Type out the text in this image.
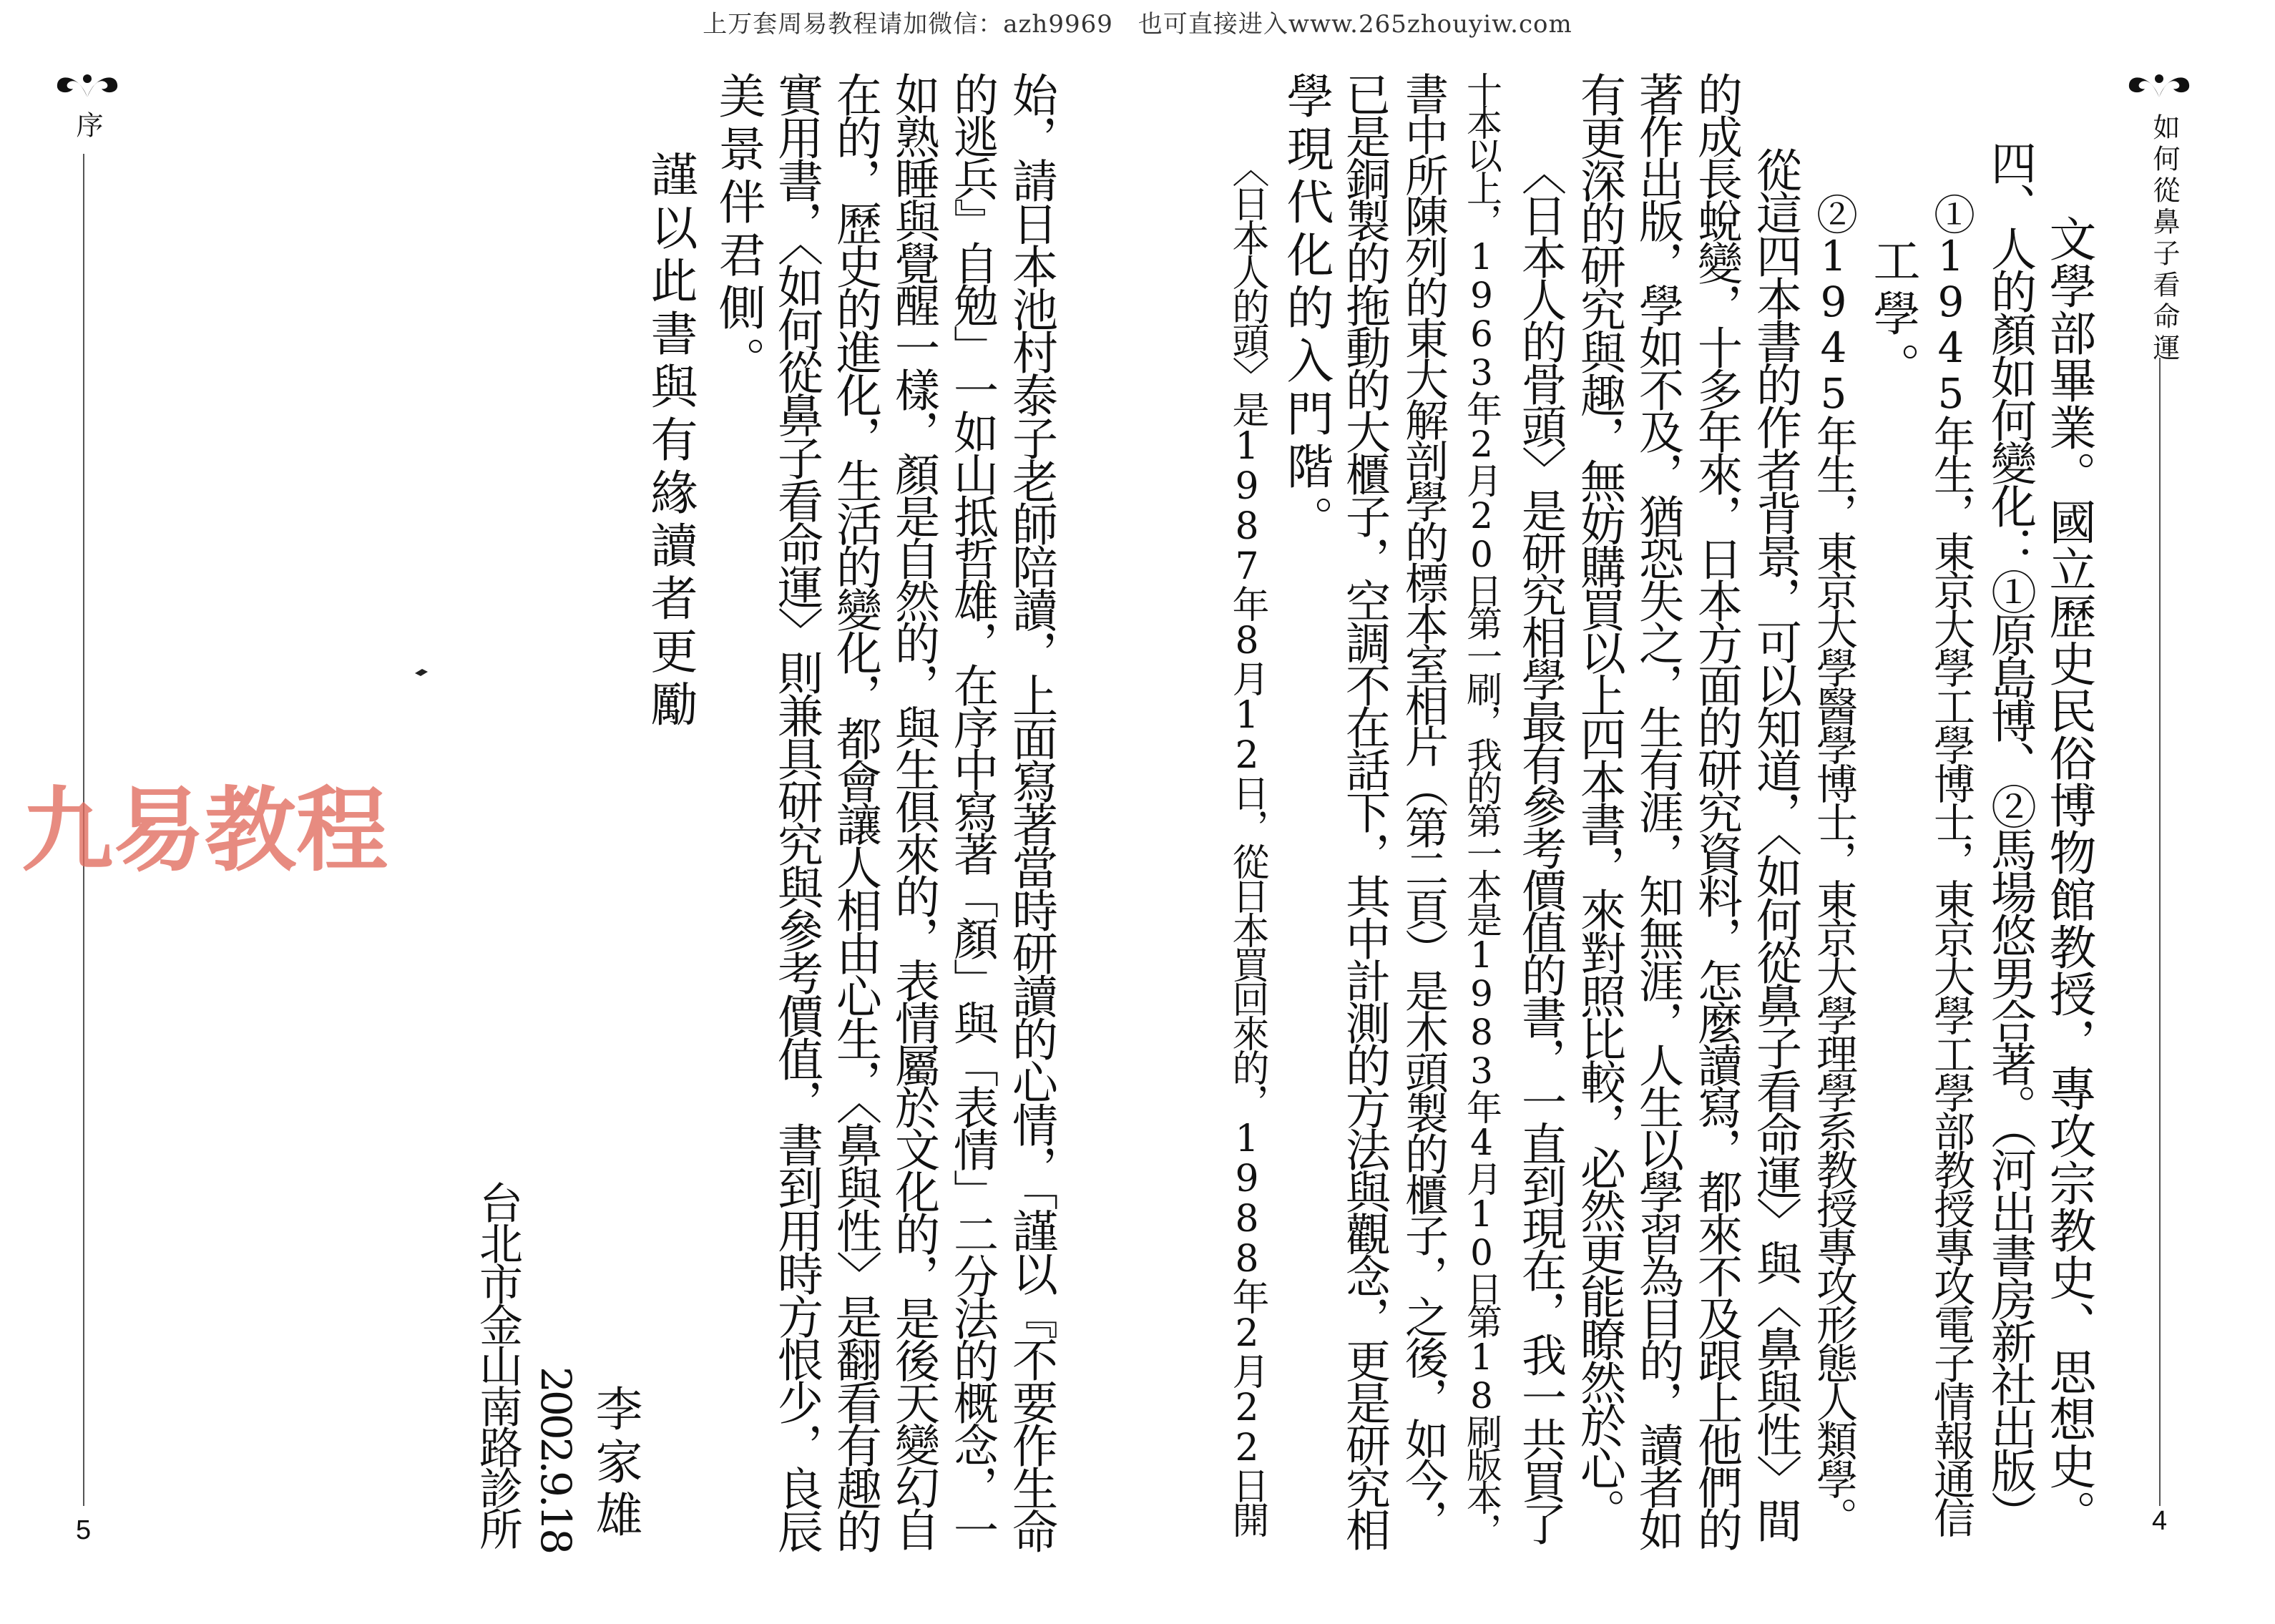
上万套周易教程请加微信：azh9969　也可直接进入www.265zhouyiw.com
序
5
美景伴君側。 實用書，〈如何從鼻子看命運〉則兼具研究與參考價值，書到用時方恨少，良辰 在的，歷史的進化，生活的變化，都會讓人相由心生，〈鼻與性〉是翻看有趣的 如熟睡與覺醒一樣，顏是自然的，與生俱來的，表情屬於文化的，是後天變幻自 的逃兵』自勉」一如山抵哲雄，在序中寫著「顏」與「表情」二分法的概念，一 始，請日本池村泰子老師陪讀，上面寫著當時研讀的心情，「謹以『不要作生命
謹以此書與有緣讀者更勵
李家雄
2002.9.18
台北市金山南路診所
九易教程
如何從鼻子看命運
4
文學部畢業。國立歷史民俗博物館教授，專攻宗教史、思想史。
四、人的顏如何變化：①原島博、②馬場悠男合著。（河出書房新社出版）
①1945年生，東京大學工學博士，東京大學工學部教授專攻電子情報通信
工學。
②1945年生，東京大學醫學博士，東京大學理學系教授專攻形態人類學。
從這四本書的作者背景，可以知道，〈如何從鼻子看命運〉與〈鼻與性〉間
的成長蛻變，十多年來，日本方面的研究資料，怎麼讀寫，都來不及跟上他們的
著作出版，學如不及，猶恐失之，生有涯，知無涯，人生以學習為目的，讀者如
有更深的研究與趣，無妨購買以上四本書，來對照比較，必然更能瞭然於心。
〈日本人的骨頭〉是研究相學最有參考價值的書，一直到現在，我一共買了
十本以上，1963年2月20日第一刷，我的第一本是1983年4月10日第18刷版本，
書中所陳列的東大解剖學的標本室相片（第二頁）是木頭製的櫃子，之後，如今，
已是銅製的拖動的大櫃子，空調不在話下，其中計測的方法與觀念，更是研究相
學現代化的入門階。
〈日本人的頭〉是1987年8月12日，從日本買回來的，1988年2月22日開
